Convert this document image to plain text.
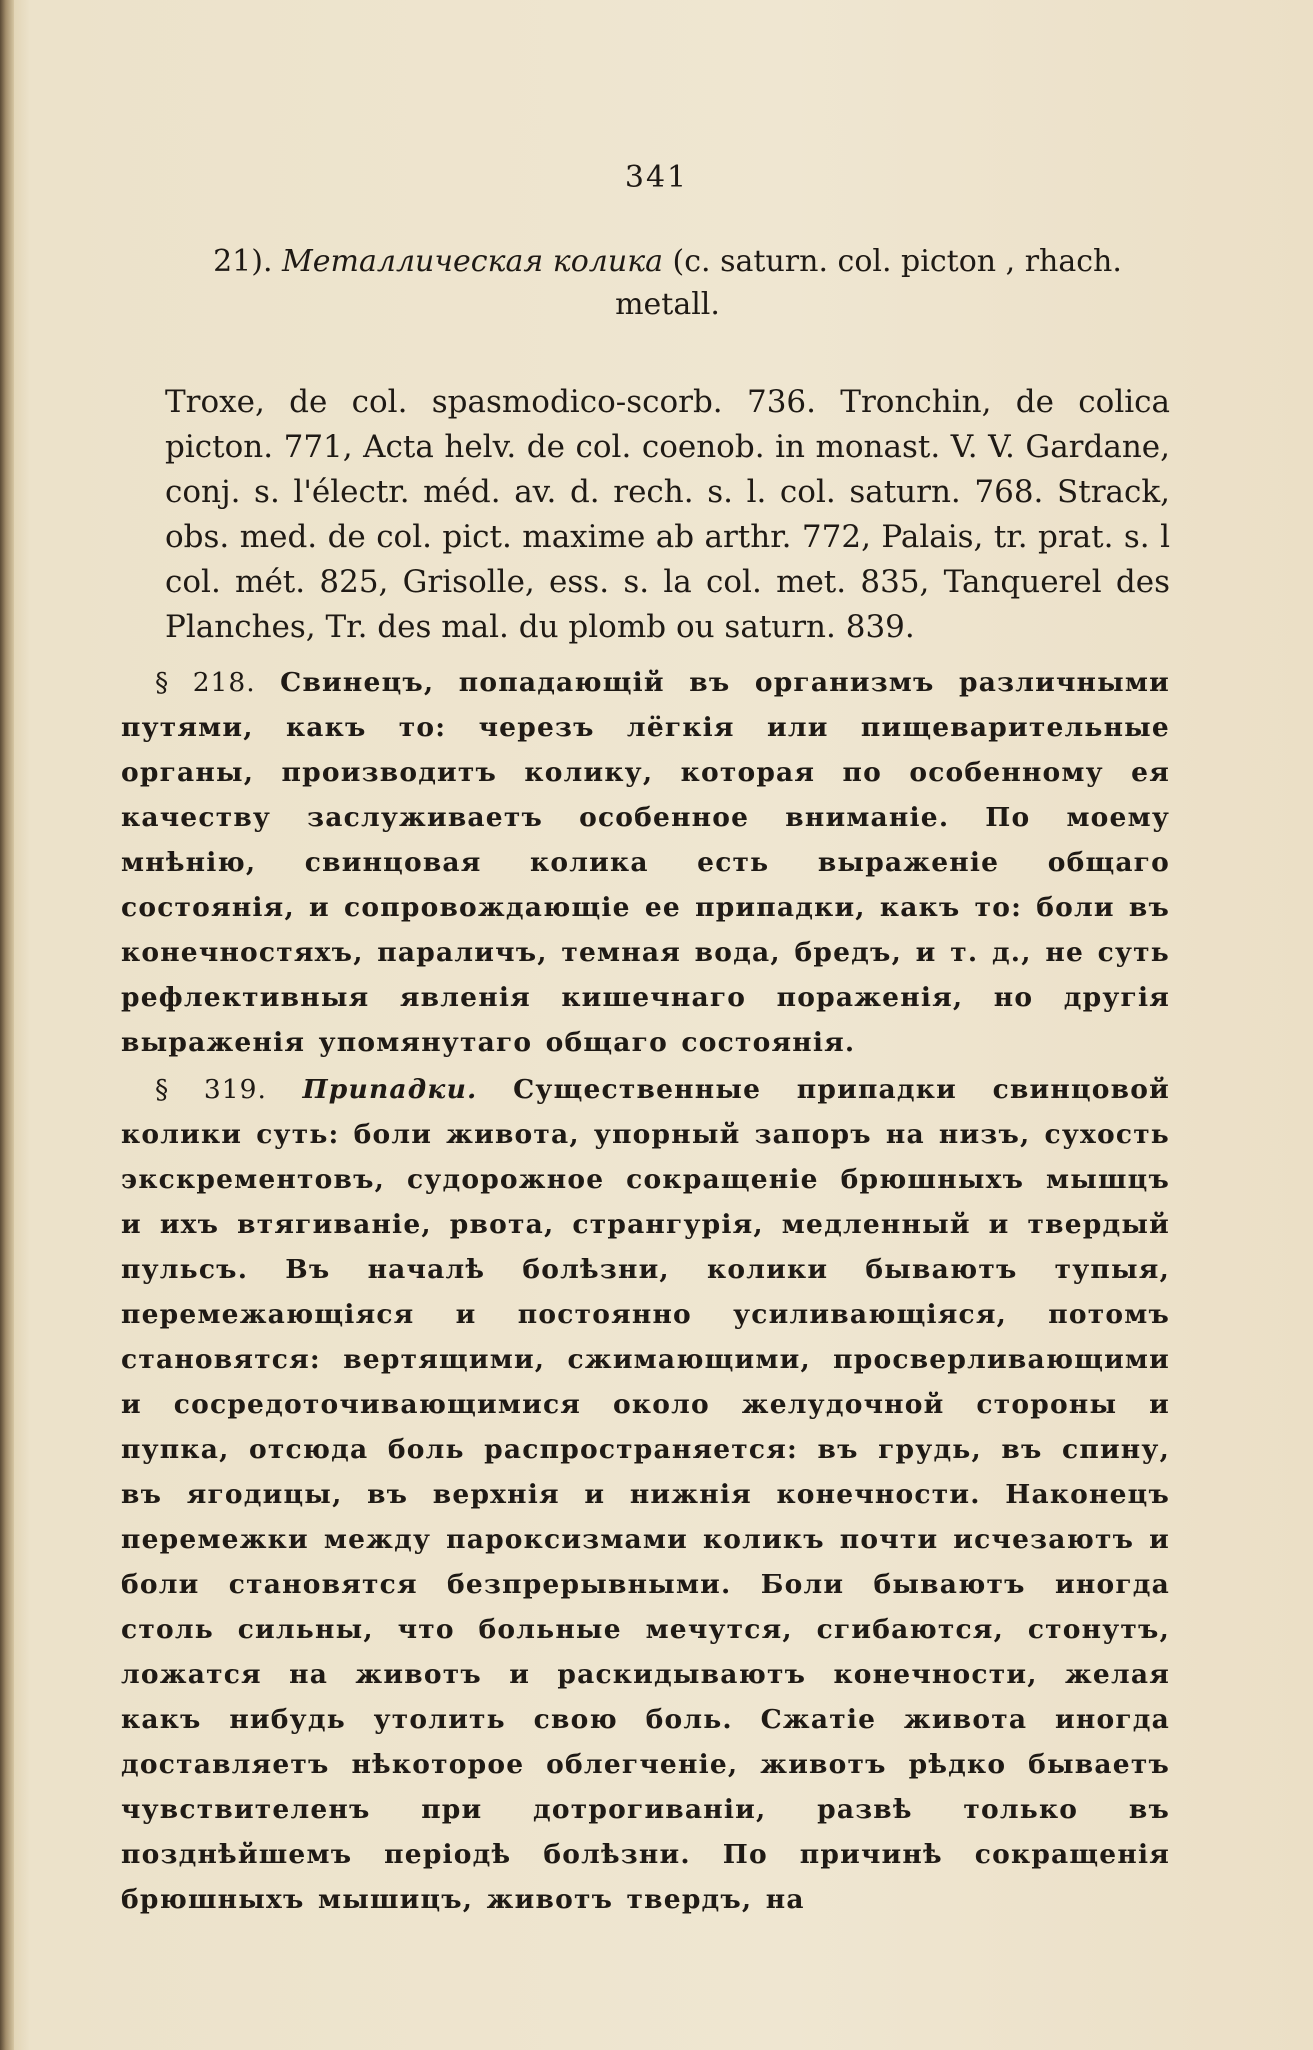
341
21). Металлическая колика (c. saturn. col. picton , rhach. metall.
Troxe, de col. spasmodico-scorb. 736. Tronchin, de colica picton. 771, Acta helv. de col. coenob. in monast. V. V. Gardane, conj. s. l'électr. méd. av. d. rech. s. l. col. saturn. 768. Strack, obs. med. de col. pict. maxime ab arthr. 772, Palais, tr. prat. s. l col. mét. 825, Grisolle, ess. s. la col. met. 835, Tanquerel des Planches, Tr. des mal. du plomb ou saturn. 839.
§ 218. Свинецъ, попадающій въ организмъ различными путями, какъ то: черезъ лёгкія или пищеварительные органы, производитъ колику, которая по особенному ея качеству заслуживаетъ особенное вниманіе. По моему мнѣнію, свинцовая колика есть выраженіе общаго состоянія, и сопровождающіе ее припадки, какъ то: боли въ конечностяхъ, параличъ, темная вода, бредъ, и т. д., не суть рефлективныя явленія кишечнаго пораженія, но другія выраженія упомянутаго общаго состоянія.
§ 319. Припадки. Существенные припадки свинцовой колики суть: боли живота, упорный запоръ на низъ, сухость экскрементовъ, судорожное сокращеніе брюшныхъ мышцъ и ихъ втягиваніе, рвота, странгурія, медленный и твердый пульсъ. Въ началѣ болѣзни, колики бываютъ тупыя, перемежающіяся и постоянно усиливающіяся, потомъ становятся: вертящими, сжимающими, просверливающими и сосредоточивающимися около желудочной стороны и пупка, отсюда боль распространяется: въ грудь, въ спину, въ ягодицы, въ верхнія и нижнія конечности. Наконецъ перемежки между пароксизмами коликъ почти исчезаютъ и боли становятся безпрерывными. Боли бываютъ иногда столь сильны, что больные мечутся, сгибаются, стонутъ, ложатся на животъ и раскидываютъ конечности, желая какъ нибудь утолить свою боль. Сжатіе живота иногда доставляетъ нѣкоторое облегченіе, животъ рѣдко бываетъ чувствителенъ при дотрогиваніи, развѣ только въ позднѣйшемъ періодѣ болѣзни. По причинѣ сокращенія брюшныхъ мышицъ, животъ твердъ, на
